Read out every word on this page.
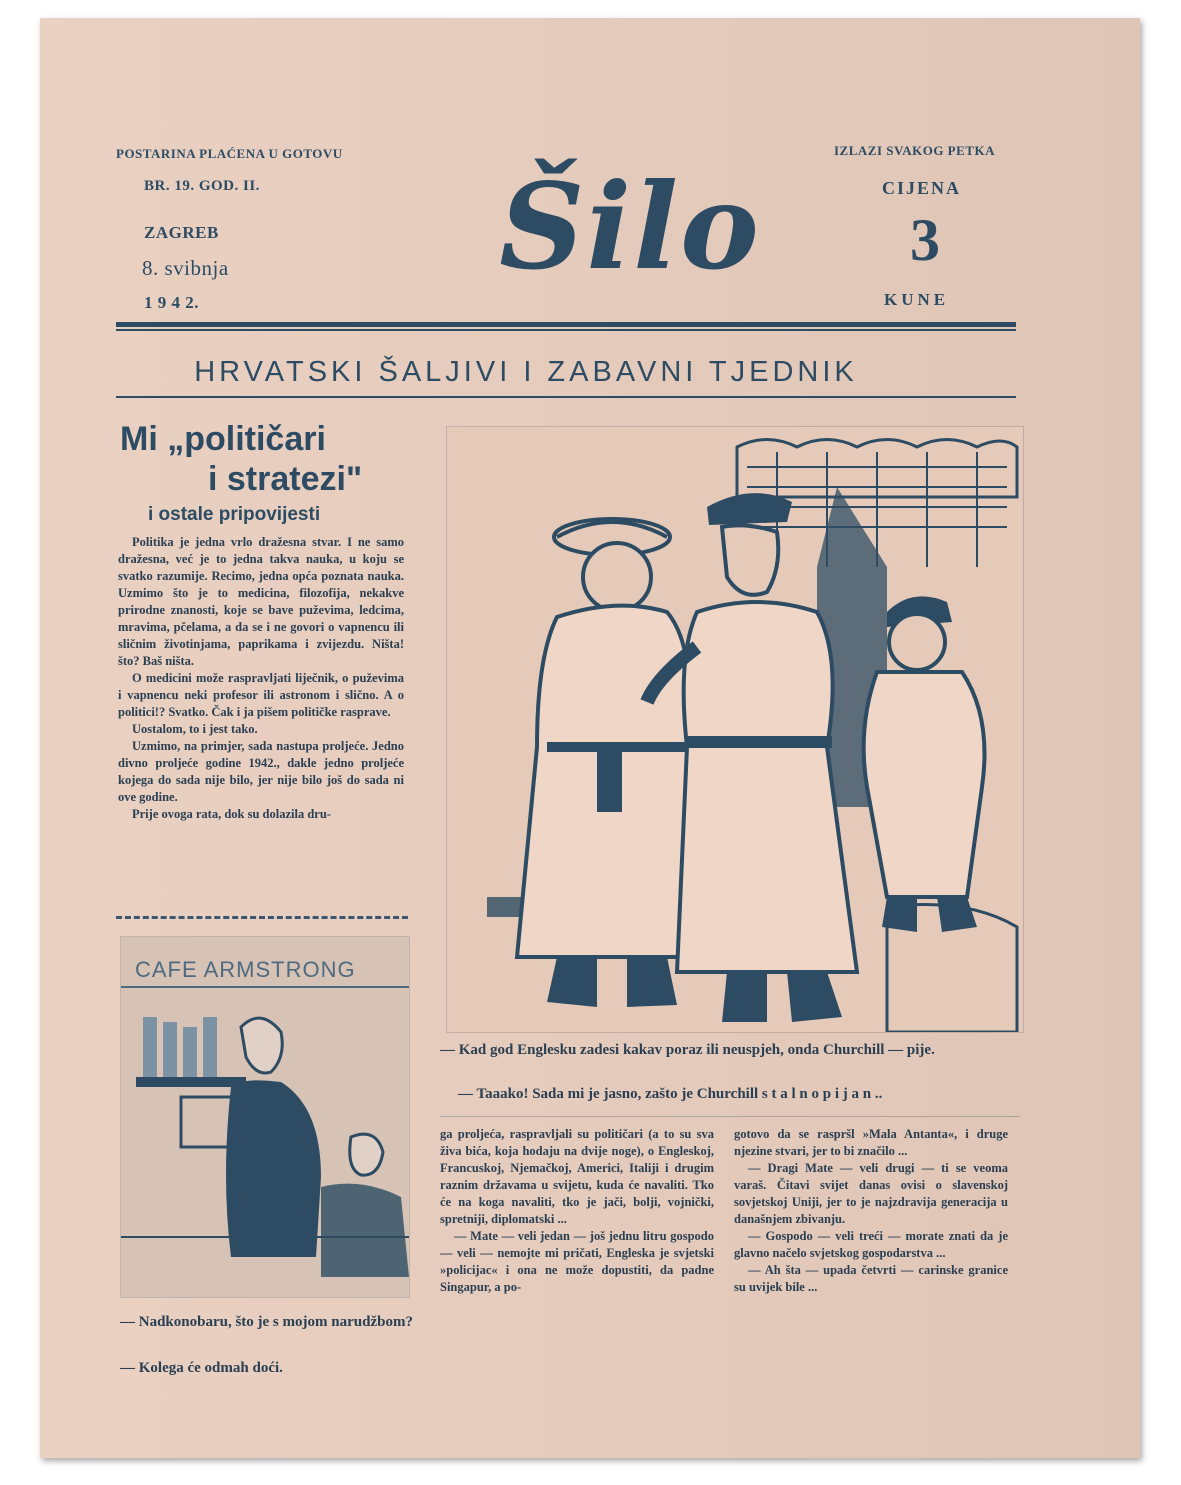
POSTARINA PLAĆENA U GOTOVU	IZLAZI SVAKOG PETKA
BR. 19. GOD. II.
ZAGREB
8. svibnja
1 9 4 2.
Šilo	CIJENA
3
KUNE
HRVATSKI ŠALJIVI I ZABAVNI TJEDNIK
Mi „političari
i stratezi"
i ostale pripovijesti

Politika je jedna vrlo dražesna stvar. I ne samo dražesna, već je to jedna takva nauka, u koju se svatko razumije. Recimo, jedna opća poznata nauka. Uzmimo što je to medicina, filozofija, nekakve prirodne znanosti, koje se bave puževima, ledcima, mravima, pčelama, a da se i ne govori o vapnencu ili sličnim životinjama, paprikama i zvijezdu. Ništa! što? Baš ništa.

O medicini može raspravljati liječnik, o puževima i vapnencu neki profesor ili astronom i slično. A o politici!? Svatko. Čak i ja pišem političke rasprave.

Uostalom, to i jest tako.

Uzmimo, na primjer, sada nastupa proljeće. Jedno divno proljeće godine 1942., dakle jedno proljeće kojega do sada nije bilo, jer nije bilo još do sada ni ove godine.

Prije ovoga rata, dok su dolazila dru-

— Kad god Englesku zadesi kakav poraz ili neuspjeh, onda Churchill — pije.
— Taaako! Sada mi je jasno, zašto je Churchill s t a l n o p i j a n ..
CAFE ARMSTRONG
— Nadkonobaru, što je s mojom narudžbom?
— Kolega će odmah doći.

ga proljeća, raspravljali su političari (a to su sva živa bića, koja hodaju na dvije noge), o Engleskoj, Francuskoj, Njemačkoj, Americi, Italiji i drugim raznim državama u svijetu, kuda će navaliti. Tko će na koga navaliti, tko je jači, bolji, vojnički, spretniji, diplomatski ...

— Mate — veli jedan — još jednu litru gospodo — veli — nemojte mi pričati, Engleska je svjetski »policijac« i ona ne može dopustiti, da padne Singapur, a po-

gotovo da se raspršl »Mala Antanta«, i druge njezine stvari, jer to bi značilo ...

— Dragi Mate — veli drugi — ti se veoma varaš. Čitavi svijet danas ovisi o slavenskoj sovjetskoj Uniji, jer to je najzdravija generacija u današnjem zbivanju.

— Gospodo — veli treći — morate znati da je glavno načelo svjetskog gospodarstva ...

— Ah šta — upada četvrti — carinske granice su uvijek bile ...
